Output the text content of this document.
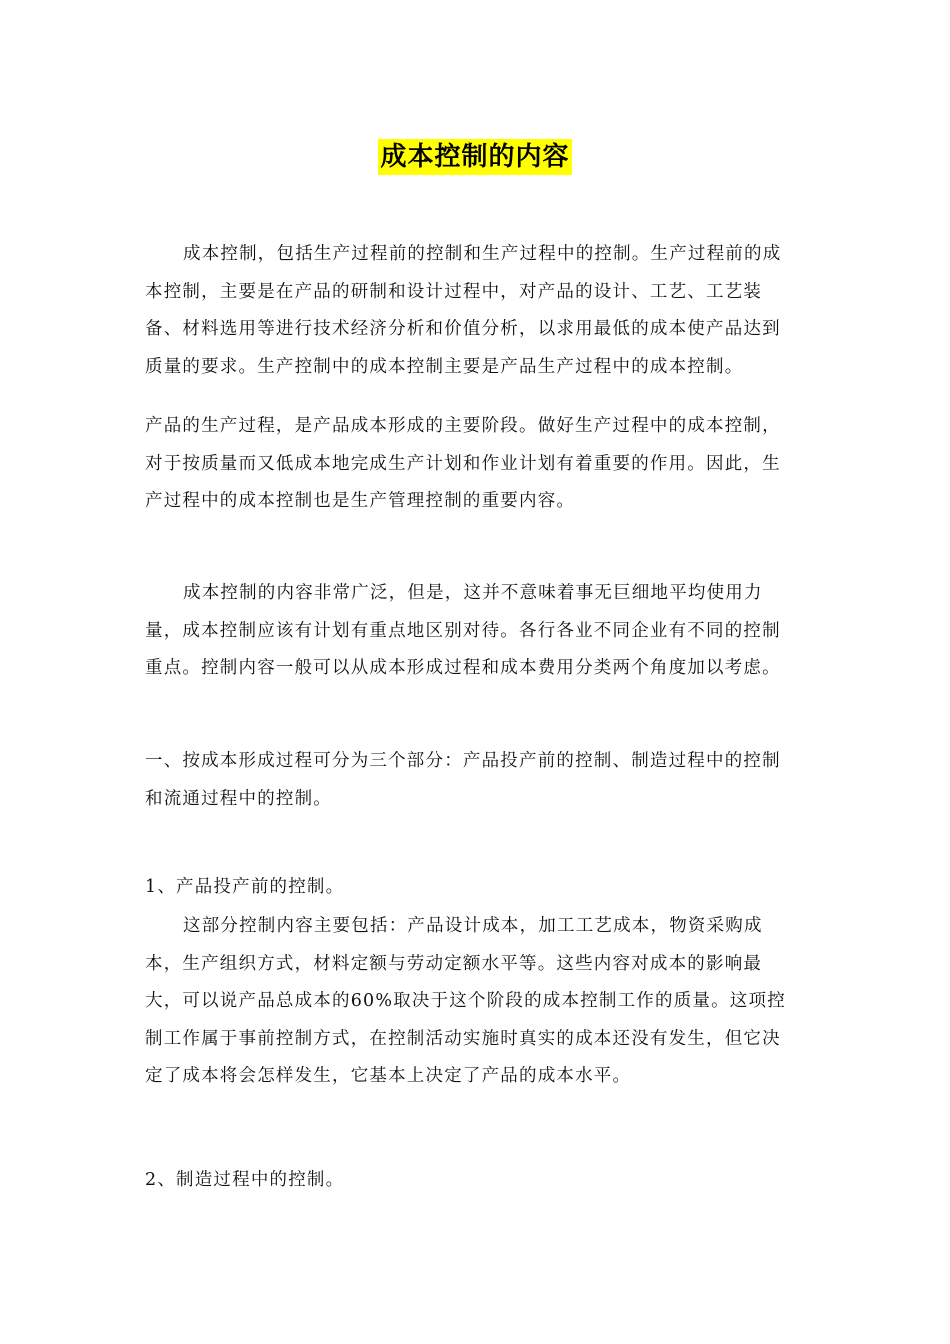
成本控制的内容
成本控制，包括生产过程前的控制和生产过程中的控制。生产过程前的成
本控制，主要是在产品的研制和设计过程中，对产品的设计、工艺、工艺装
备、材料选用等进行技术经济分析和价值分析，以求用最低的成本使产品达到
质量的要求。生产控制中的成本控制主要是产品生产过程中的成本控制。
产品的生产过程，是产品成本形成的主要阶段。做好生产过程中的成本控制，
对于按质量而又低成本地完成生产计划和作业计划有着重要的作用。因此，生
产过程中的成本控制也是生产管理控制的重要内容。
成本控制的内容非常广泛，但是，这并不意味着事无巨细地平均使用力
量，成本控制应该有计划有重点地区别对待。各行各业不同企业有不同的控制
重点。控制内容一般可以从成本形成过程和成本费用分类两个角度加以考虑。
一、按成本形成过程可分为三个部分：产品投产前的控制、制造过程中的控制
和流通过程中的控制。
1、产品投产前的控制。
这部分控制内容主要包括：产品设计成本，加工工艺成本，物资采购成
本，生产组织方式，材料定额与劳动定额水平等。这些内容对成本的影响最
大，可以说产品总成本的60%取决于这个阶段的成本控制工作的质量。这项控
制工作属于事前控制方式，在控制活动实施时真实的成本还没有发生，但它决
定了成本将会怎样发生，它基本上决定了产品的成本水平。
2、制造过程中的控制。
